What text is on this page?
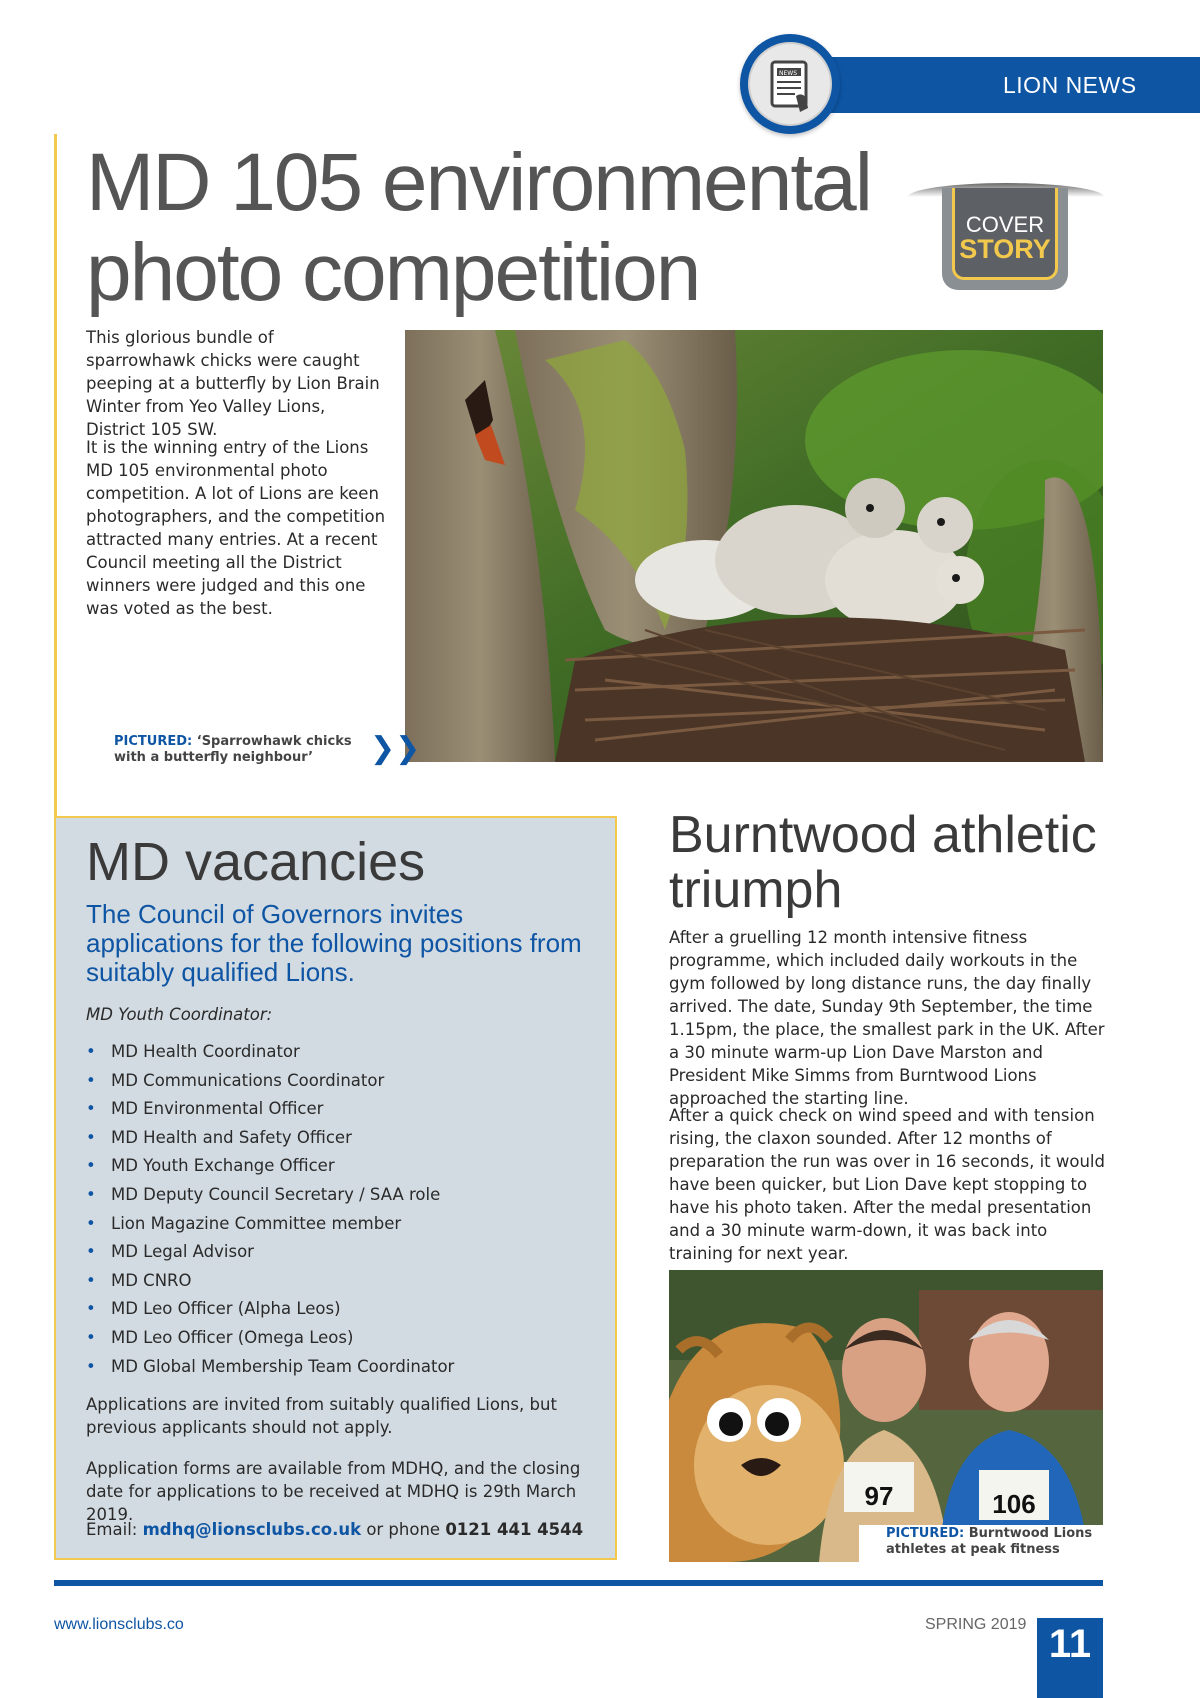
LION NEWS
NEWS
MD 105 environmental photo competition
COVER
STORY

This glorious bundle of sparrowhawk chicks were caught peeping at a butterfly by Lion Brain Winter from Yeo Valley Lions, District 105 SW.

It is the winning entry of the Lions MD 105 environmental photo competition. A lot of Lions are keen photographers, and the competition attracted many entries. At a recent Council meeting all the District winners were judged and this one was voted as the best.

PICTURED: ‘Sparrowhawk chicks with a butterfly neighbour’	❯❯
MD vacancies
The Council of Governors invites applications for the following positions from suitably qualified Lions.
MD Youth Coordinator:
• MD Health Coordinator
• MD Communications Coordinator
• MD Environmental Officer
• MD Health and Safety Officer
• MD Youth Exchange Officer
• MD Deputy Council Secretary / SAA role
• Lion Magazine Committee member
• MD Legal Advisor
• MD CNRO
• MD Leo Officer (Alpha Leos)
• MD Leo Officer (Omega Leos)
• MD Global Membership Team Coordinator

Applications are invited from suitably qualified Lions, but previous applicants should not apply.

Application forms are available from MDHQ, and the closing date for applications to be received at MDHQ is 29th March 2019.

Email: mdhq@lionsclubs.co.uk or phone 0121 441 4544

Burntwood athletic triumph

After a gruelling 12 month intensive fitness programme, which included daily workouts in the gym followed by long distance runs, the day finally arrived. The date, Sunday 9th September, the time 1.15pm, the place, the smallest park in the UK. After a 30 minute warm-up Lion Dave Marston and President Mike Simms from Burntwood Lions approached the starting line.

After a quick check on wind speed and with tension rising, the claxon sounded. After 12 months of preparation the run was over in 16 seconds, it would have been quicker, but Lion Dave kept stopping to have his photo taken. After the medal presentation and a 30 minute warm-down, it was back into training for next year.

97	106
PICTURED: Burntwood Lions athletes at peak fitness
www.lionsclubs.co	SPRING 2019 11
